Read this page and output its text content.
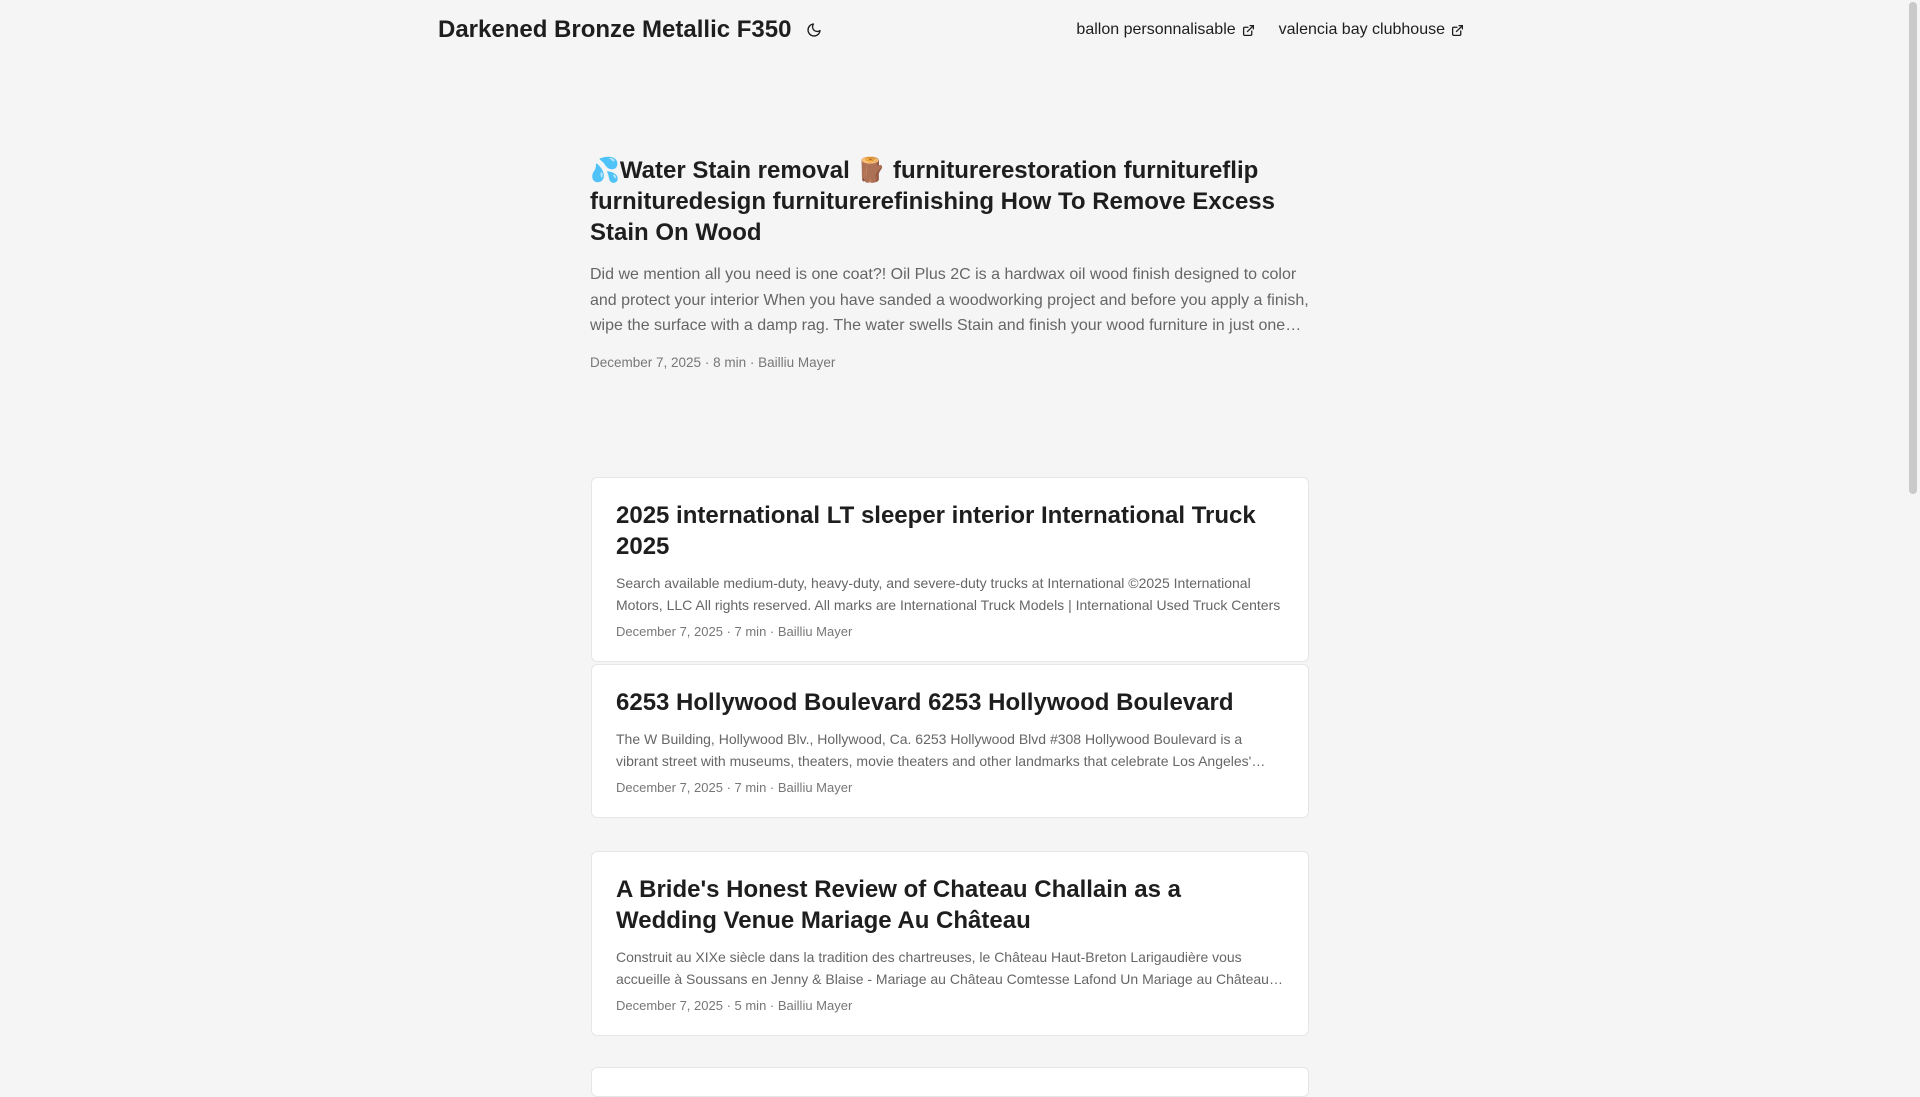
Darkened Bronze Metallic F350	ballon personnalisable	valencia bay clubhouse
💦Water Stain removal 🪵 furniturerestoration furnitureflip furnituredesign furniturerefinishing How To Remove Excess Stain On Wood

Did we mention all you need is one coat?! Oil Plus 2C is a hardwax oil wood finish designed to color and protect your interior When you have sanded a woodworking project and before you apply a finish, wipe the surface with a damp rag. The water swells Stain and finish your wood furniture in just one

December 7, 2025 · 8 min · Bailliu Mayer
2025 international LT sleeper interior International Truck 2025

Search available medium-duty, heavy-duty, and severe-duty trucks at International ©2025 International Motors, LLC All rights reserved. All marks are International Truck Models | International Used Truck Centers

December 7, 2025 · 7 min · Bailliu Mayer
6253 Hollywood Boulevard 6253 Hollywood Boulevard

The W Building, Hollywood Blv., Hollywood, Ca. 6253 Hollywood Blvd #308 Hollywood Boulevard is a vibrant street with museums, theaters, movie theaters and other landmarks that celebrate Los Angeles'

December 7, 2025 · 7 min · Bailliu Mayer
A Bride's Honest Review of Chateau Challain as a Wedding Venue Mariage Au Château

Construit au XIXe siècle dans la tradition des chartreuses, le Château Haut-Breton Larigaudière vous accueille à Soussans en Jenny & Blaise - Mariage au Château Comtesse Lafond Un Mariage au Château

December 7, 2025 · 5 min · Bailliu Mayer
